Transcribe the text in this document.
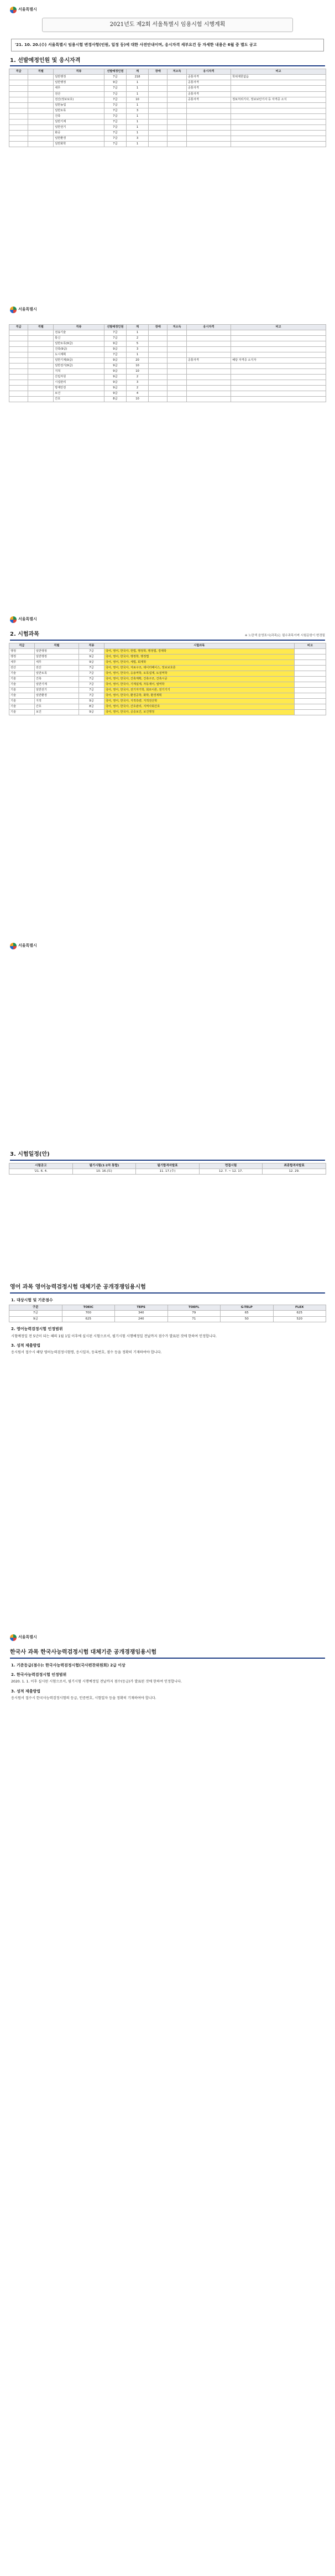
서울특별시
2021년도 제2회 서울특별시 임용시험 시행계획
'21. 10. 20.(수) 서울특별시 임용시험 변경사항(인원, 일정 등)에 대한 사전안내이며, 응시자격 세부요건 등 자세한 내용은 6월 중 별도 공고
1. 선발예정인원 및 응시자격
직급	직렬	직류	선발예정인원	계	장애	저소득	응시자격	비고
		일반행정	7급	218			공통자격	학위제한없음
		일반행정	9급	1			공통자격	
		세무	7급	1			공통자격	
		전산	7급	1			공통자격	
		전산(정보보호)	7급	10			공통자격	정보처리기사, 정보보안기사 등 자격증 소지
		일반농업	7급	1				
		일반토목	7급	3				
		건축	7급	1				
		일반기계	7급	1				
		일반전기	7급	1				
		화공	7급	1				
		일반환경	7급	3				
		일반화학	7급	1				
서울특별시
직급	직렬	직류	선발예정인원	계	장애	저소득	응시자격	비고
		전송기술	7급	1				
		통신	7급	2				
		일반토목(9급)	9급	5				
		건축(9급)	9급	3				
		도시계획	7급	1				
		일반기계(9급)	9급	20			공통자격	해당 자격증 소지자
		일반전기(9급)	9급	10				
		지적	9급	10				
		산림자원	9급	2				
		시설관리	9급	3				
		방재안전	9급	2				
		보건	9급	4				
		간호	8급	10				
서울특별시
2. 시험과목	※ 노란색 음영표시(과목)는 필수과목이며 시험문항이 변경될
직급	직렬	직류	시험과목	비고
행정	일반행정	7급	국어, 영어, 한국사, 헌법, 행정학, 행정법, 경제학	
행정	일반행정	9급	국어, 영어, 한국사, 행정학, 행정법	
세무	세무	9급	국어, 영어, 한국사, 세법, 회계학	
전산	전산	7급	국어, 영어, 한국사, 자료구조, 데이터베이스, 정보보호론	
기술	일반토목	7급	국어, 영어, 한국사, 응용역학, 토목설계, 토질역학	
기술	건축	7급	국어, 영어, 한국사, 건축계획, 건축구조, 건축시공	
기술	일반기계	7급	국어, 영어, 한국사, 기계설계, 자동제어, 열역학	
기술	일반전기	7급	국어, 영어, 한국사, 전기자기학, 회로이론, 전기기기	
기술	일반환경	7급	국어, 영어, 한국사, 환경공학, 화학, 환경계획	
기술	지적	9급	국어, 영어, 한국사, 지적측량, 지적전산학	
기술	간호	8급	국어, 영어, 한국사, 간호관리, 지역사회간호	
기술	보건	9급	국어, 영어, 한국사, 공중보건, 보건행정	
서울특별시
3. 시험일정(안)
시험공고	필기시험(1·2차 통합)	필기합격자발표	면접시험	최종합격자발표
'21. 6. 4.	10. 16.(토)	11. 17.(수)	12. 7. ~ 12. 17.	12. 29.
영어 과목 영어능력검정시험 대체기준 공개경쟁임용시험
1. 대상시험 및 기준점수
구분	TOEIC	TEPS	TOEFL	G-TELP	FLEX
7급	700	340	79	65	625
9급	625	240	71	50	520
2. 영어능력검정시험 인정범위
시험예정일 전 5년이 되는 해의 1월 1일 이후에 실시된 시험으로서, 필기시험 시행예정일 전날까지 점수가 발표된 것에 한하여 인정합니다.
3. 성적 제출방법
응시원서 접수시 해당 영어능력검정시험명, 응시일자, 등록번호, 점수 등을 정확히 기재하여야 합니다.
서울특별시
한국사 과목 한국사능력검정시험 대체기준 공개경쟁임용시험
1. 기준등급(점수): 한국사능력검정시험(국사편찬위원회) 2급 이상
2. 한국사능력검정시험 인정범위
2020. 1. 1. 이후 실시된 시험으로서, 필기시험 시행예정일 전날까지 점수(등급)가 발표된 것에 한하여 인정합니다.
3. 성적 제출방법
응시원서 접수시 한국사능력검정시험의 등급, 인증번호, 시험일자 등을 정확히 기재하여야 합니다.
